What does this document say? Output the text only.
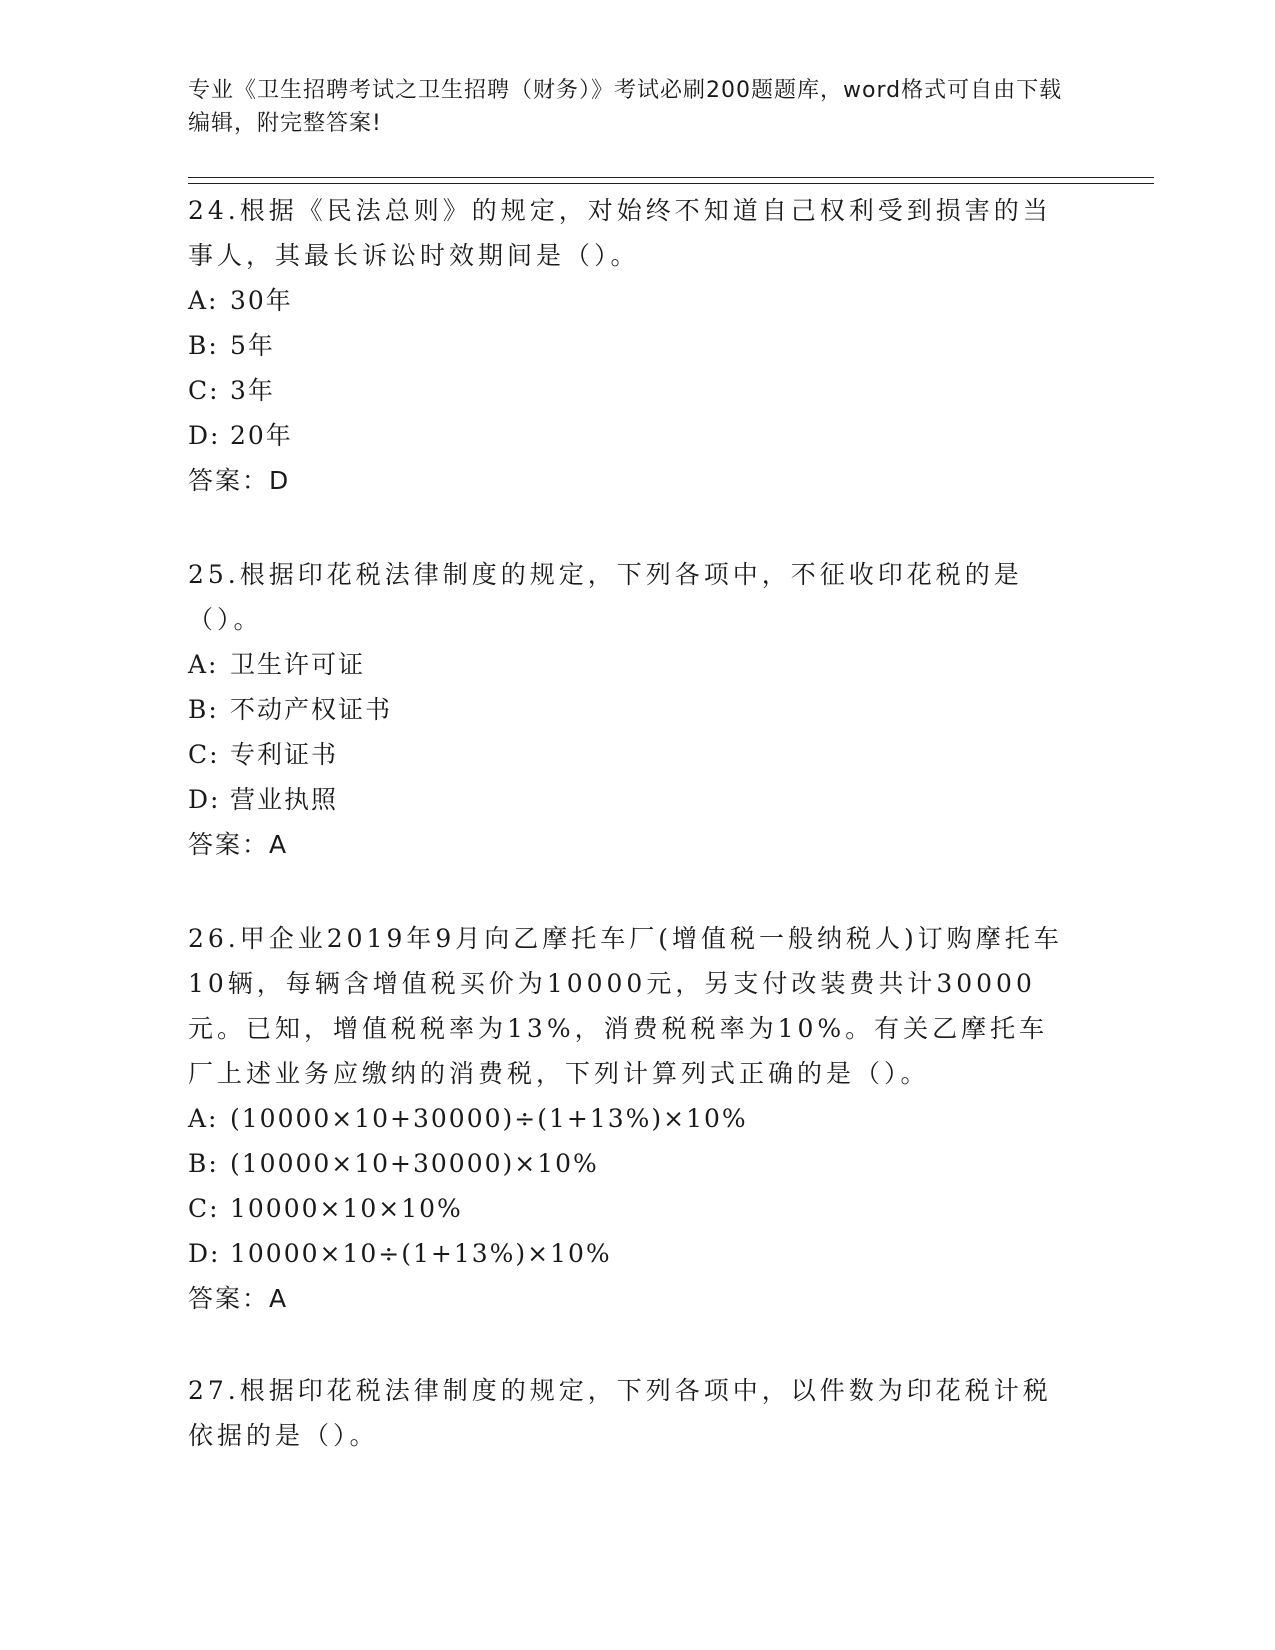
专业《卫生招聘考试之卫生招聘（财务）》考试必刷200题题库，word格式可自由下载编辑，附完整答案!

24.根据《民法总则》的规定，对始终不知道自己权利受到损害的当事人，其最长诉讼时效期间是（）。

A: 30年

B: 5年

C: 3年

D: 20年

答案：D

25.根据印花税法律制度的规定，下列各项中，不征收印花税的是（）。

A: 卫生许可证

B: 不动产权证书

C: 专利证书

D: 营业执照

答案：A

26.甲企业2019年9月向乙摩托车厂(增值税一般纳税人)订购摩托车10辆，每辆含增值税买价为10000元，另支付改装费共计30000元。已知，增值税税率为13%，消费税税率为10%。有关乙摩托车厂上述业务应缴纳的消费税，下列计算列式正确的是（）。

A: (10000×10+30000)÷(1+13%)×10%

B: (10000×10+30000)×10%

C: 10000×10×10%

D: 10000×10÷(1+13%)×10%

答案：A

27.根据印花税法律制度的规定，下列各项中，以件数为印花税计税依据的是（）。
